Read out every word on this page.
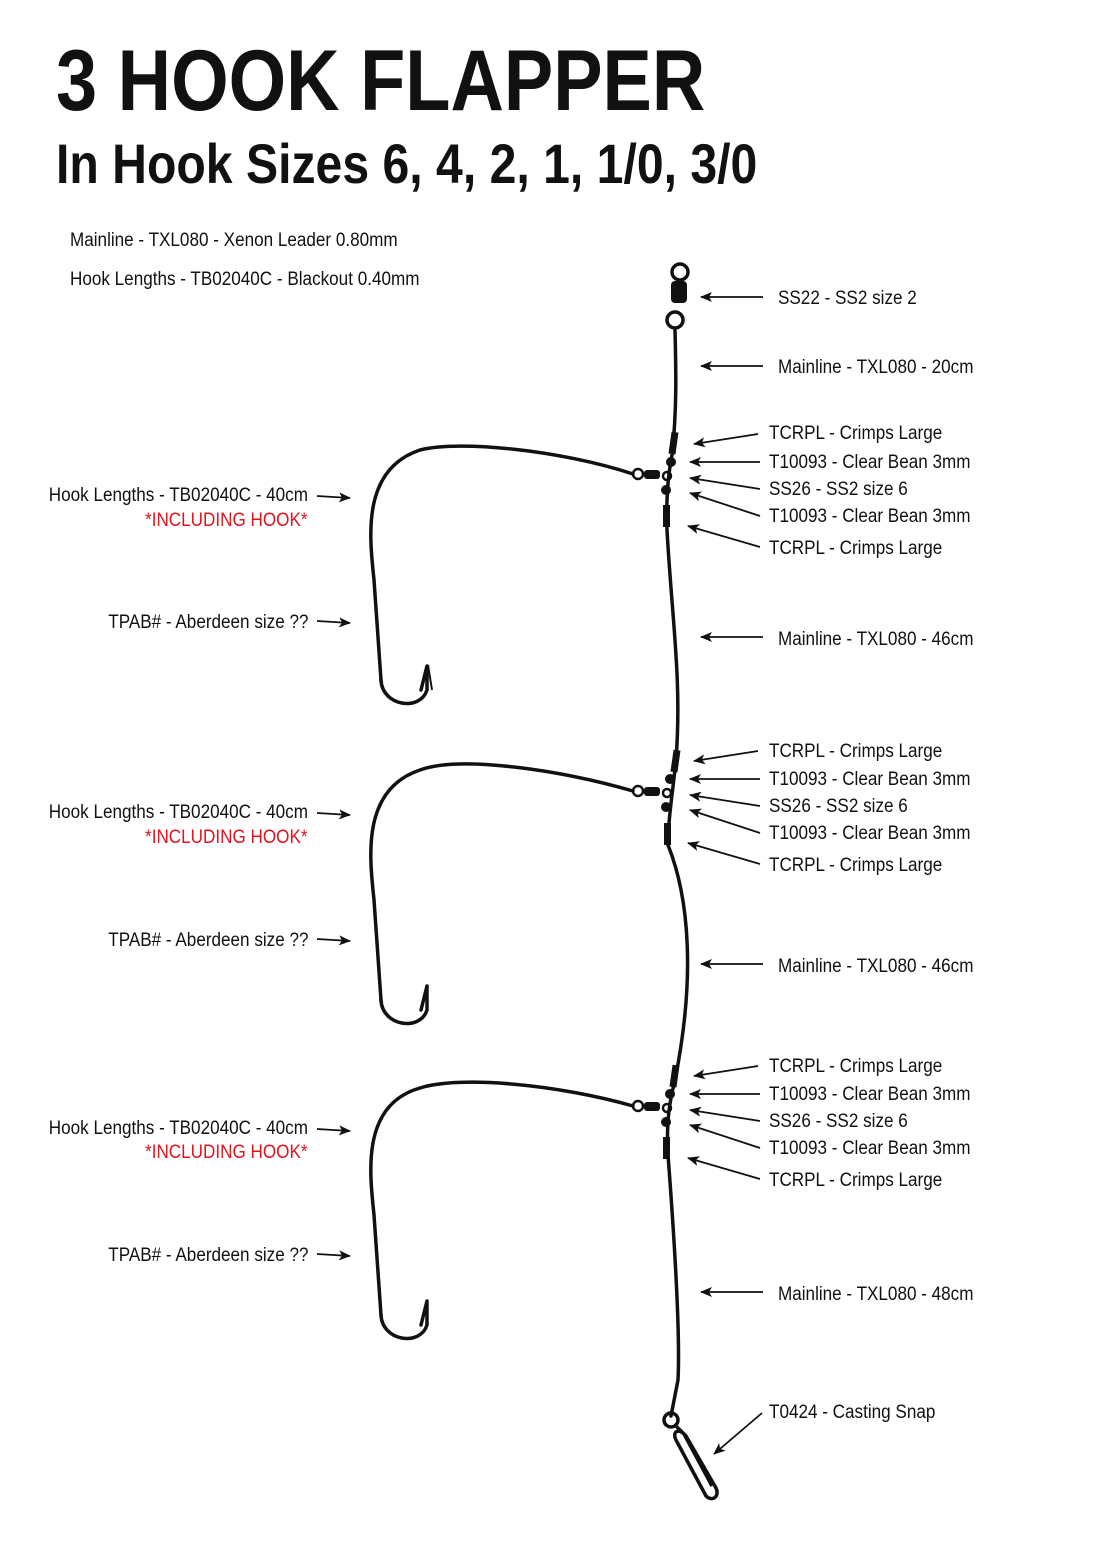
3 HOOK FLAPPER
In Hook Sizes 6, 4, 2, 1, 1/0, 3/0
Mainline - TXL080 - Xenon Leader 0.80mm
Hook Lengths - TB02040C - Blackout 0.40mm
SS22 - SS2 size 2
Mainline - TXL080 - 20cm
TCRPL - Crimps Large
T10093 - Clear Bean 3mm
SS26 - SS2 size 6
T10093 - Clear Bean 3mm
TCRPL - Crimps Large
Mainline - TXL080 - 46cm
TCRPL - Crimps Large
T10093 - Clear Bean 3mm
SS26 - SS2 size 6
T10093 - Clear Bean 3mm
TCRPL - Crimps Large
Mainline - TXL080 - 46cm
TCRPL - Crimps Large
T10093 - Clear Bean 3mm
SS26 - SS2 size 6
T10093 - Clear Bean 3mm
TCRPL - Crimps Large
Mainline - TXL080 - 48cm
T0424 - Casting Snap
Hook Lengths - TB02040C - 40cm
*INCLUDING HOOK*
TPAB# - Aberdeen size ??
Hook Lengths - TB02040C - 40cm
*INCLUDING HOOK*
TPAB# - Aberdeen size ??
Hook Lengths - TB02040C - 40cm
*INCLUDING HOOK*
TPAB# - Aberdeen size ??
